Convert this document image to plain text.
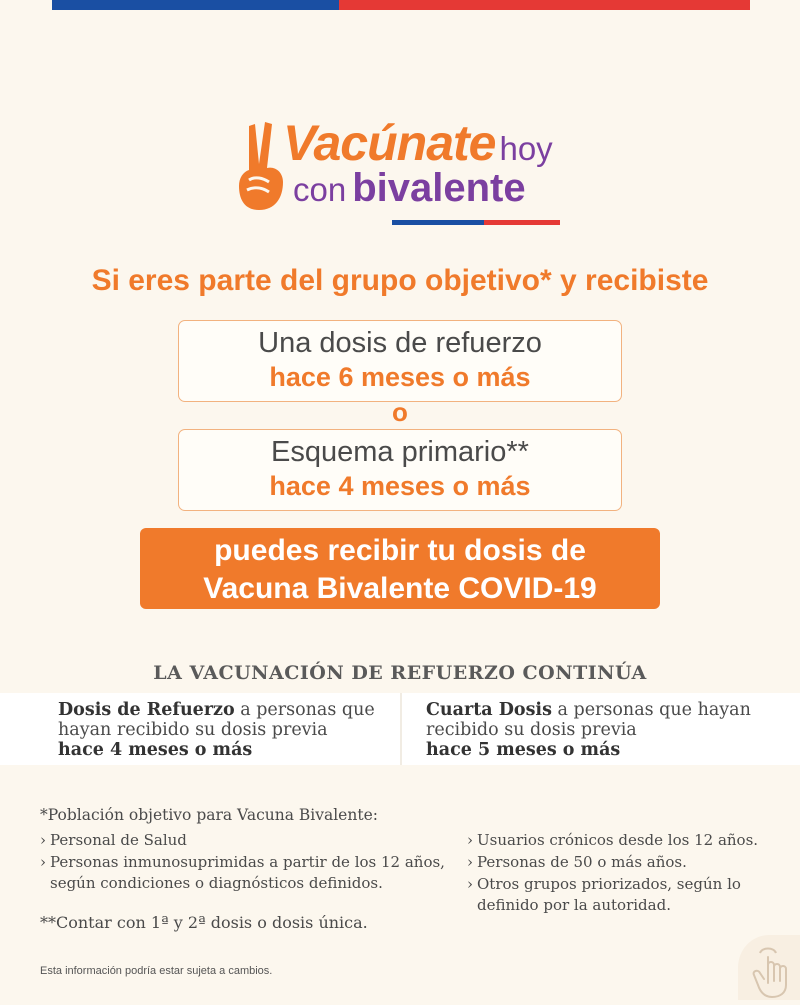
Vacúnate hoy
con bivalente
Si eres parte del grupo objetivo* y recibiste
Una dosis de refuerzo
hace 6 meses o más
o
Esquema primario**
hace 4 meses o más
puedes recibir tu dosis de
Vacuna Bivalente COVID-19
LA VACUNACIÓN DE REFUERZO CONTINÚA
Dosis de Refuerzo a personas que hayan recibido su dosis previa
hace 4 meses o más
Cuarta Dosis a personas que hayan recibido su dosis previa
hace 5 meses o más
*Población objetivo para Vacuna Bivalente:
› Personal de Salud
› Personas inmunosuprimidas a partir de los 12 años, según condiciones o diagnósticos definidos.
› Usuarios crónicos desde los 12 años.
› Personas de 50 o más años.
› Otros grupos priorizados, según lo definido por la autoridad.
**Contar con 1ª y 2ª dosis o dosis única.
Esta información podría estar sujeta a cambios.
